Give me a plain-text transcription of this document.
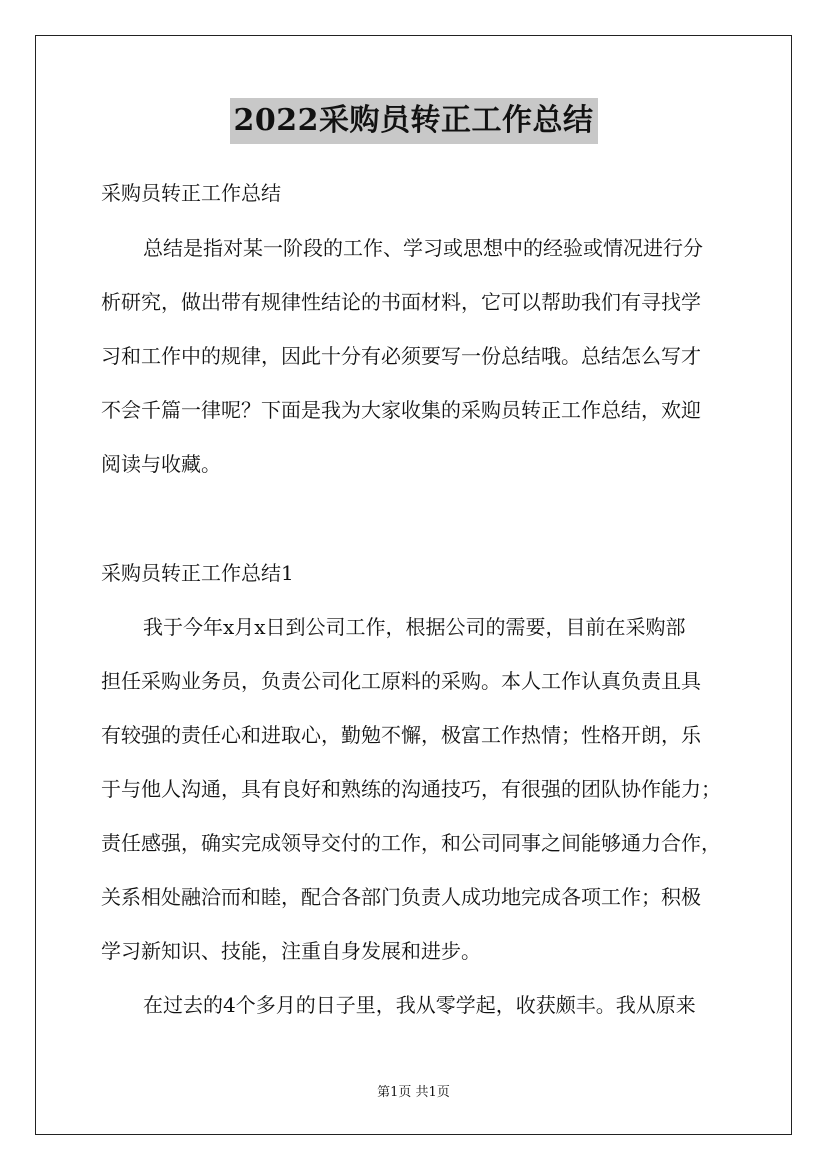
2022采购员转正工作总结
采购员转正工作总结
总结是指对某一阶段的工作、学习或思想中的经验或情况进行分
析研究，做出带有规律性结论的书面材料，它可以帮助我们有寻找学
习和工作中的规律，因此十分有必须要写一份总结哦。总结怎么写才
不会千篇一律呢？下面是我为大家收集的采购员转正工作总结，欢迎
阅读与收藏。
采购员转正工作总结1
我于今年x月x日到公司工作，根据公司的需要，目前在采购部
担任采购业务员，负责公司化工原料的采购。本人工作认真负责且具
有较强的责任心和进取心，勤勉不懈，极富工作热情；性格开朗，乐
于与他人沟通，具有良好和熟练的沟通技巧，有很强的团队协作能力；
责任感强，确实完成领导交付的工作，和公司同事之间能够通力合作，
关系相处融洽而和睦，配合各部门负责人成功地完成各项工作；积极
学习新知识、技能，注重自身发展和进步。
在过去的4个多月的日子里，我从零学起，收获颇丰。我从原来
第1页 共1页
